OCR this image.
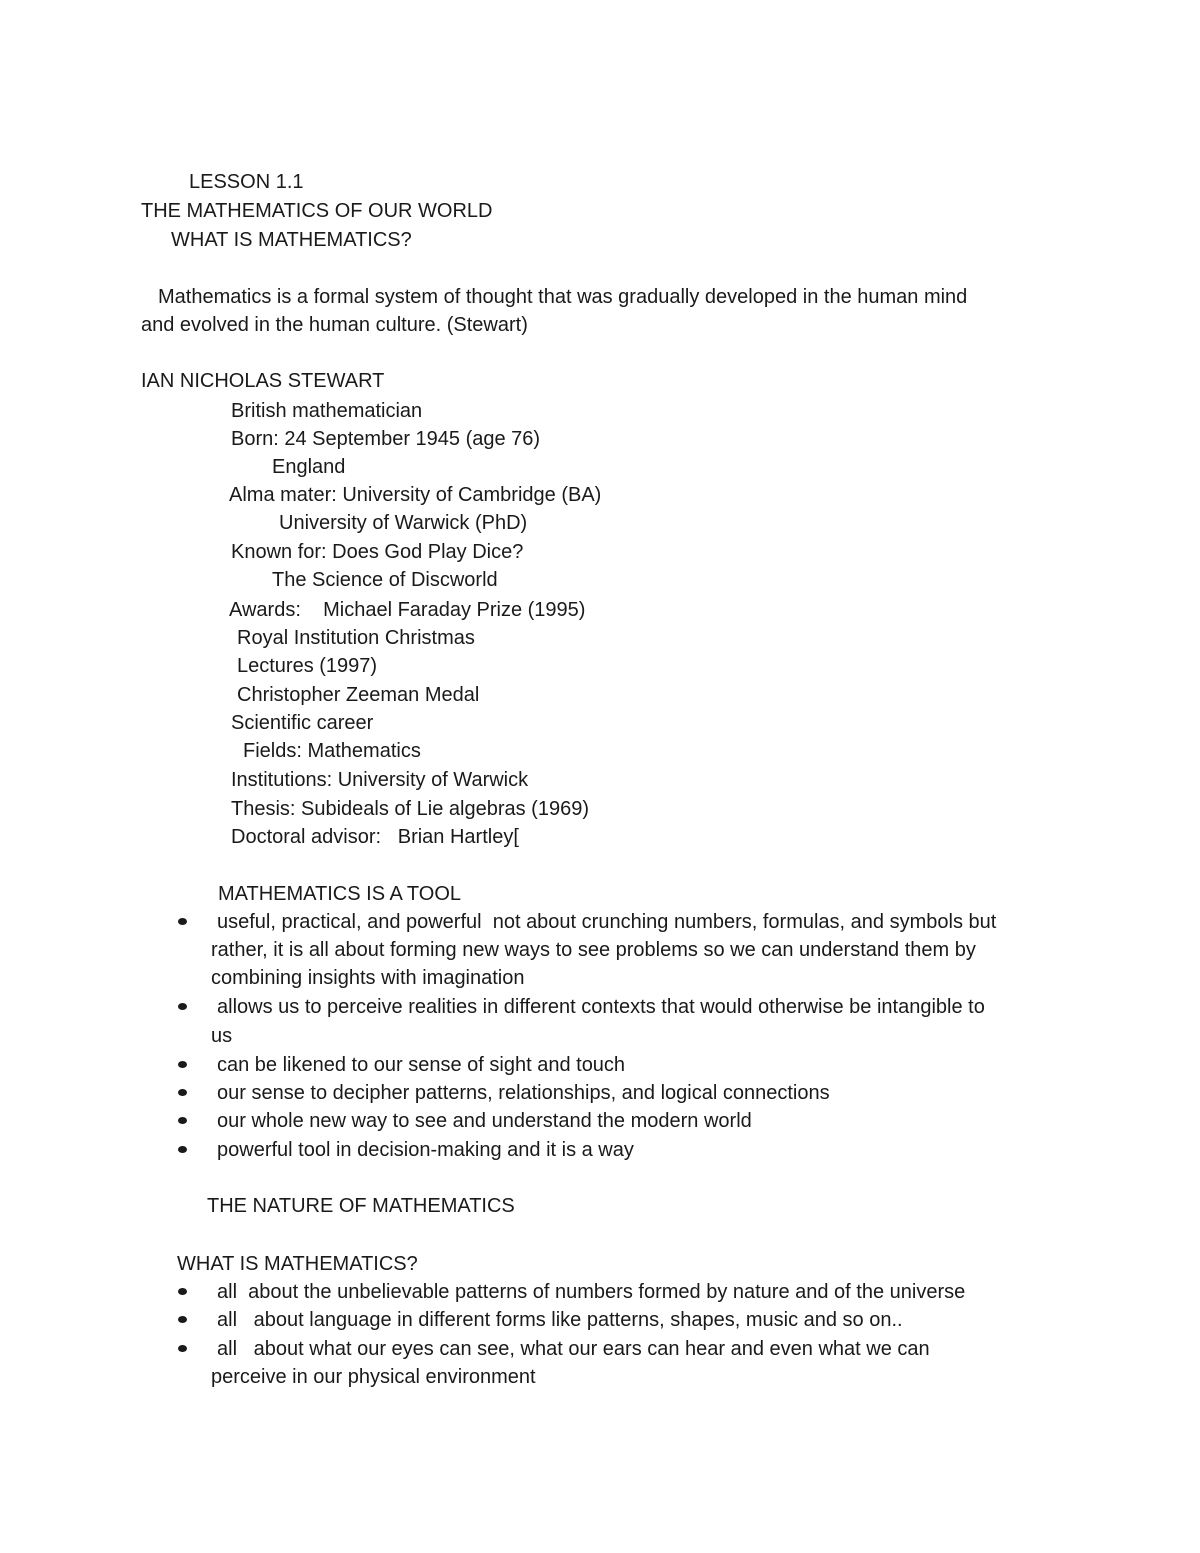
LESSON 1.1
THE MATHEMATICS OF OUR WORLD
WHAT IS MATHEMATICS?
Mathematics is a formal system of thought that was gradually developed in the human mind
and evolved in the human culture. (Stewart)
IAN NICHOLAS STEWART
British mathematician
Born: 24 September 1945 (age 76)
England
Alma mater: University of Cambridge (BA)
University of Warwick (PhD)
Known for: Does God Play Dice?
The Science of Discworld
Awards:    Michael Faraday Prize (1995)
Royal Institution Christmas
Lectures (1997)
Christopher Zeeman Medal
Scientific career
Fields: Mathematics
Institutions: University of Warwick
Thesis: Subideals of Lie algebras (1969)
Doctoral advisor:   Brian Hartley[
MATHEMATICS IS A TOOL
useful, practical, and powerful  not about crunching numbers, formulas, and symbols but
rather, it is all about forming new ways to see problems so we can understand them by
combining insights with imagination
allows us to perceive realities in different contexts that would otherwise be intangible to
us
can be likened to our sense of sight and touch
our sense to decipher patterns, relationships, and logical connections
our whole new way to see and understand the modern world
powerful tool in decision-making and it is a way
THE NATURE OF MATHEMATICS
WHAT IS MATHEMATICS?
all  about the unbelievable patterns of numbers formed by nature and of the universe
all   about language in different forms like patterns, shapes, music and so on..
all   about what our eyes can see, what our ears can hear and even what we can
perceive in our physical environment
